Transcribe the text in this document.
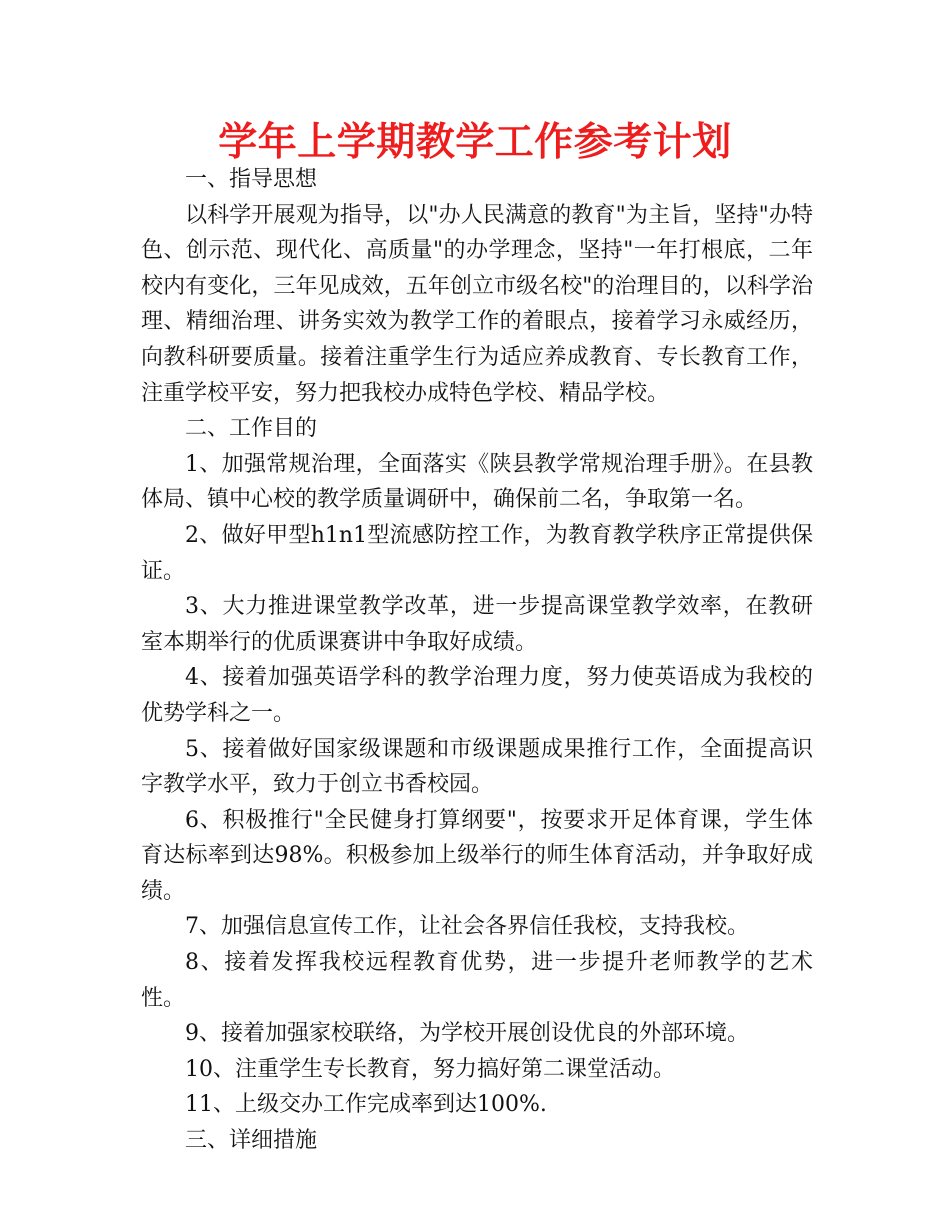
学年上学期教学工作参考计划

一、指导思想

以科学开展观为指导，以"办人民满意的教育"为主旨，坚持"办特色、创示范、现代化、高质量"的办学理念，坚持"一年打根底，二年校内有变化，三年见成效，五年创立市级名校"的治理目的，以科学治理、精细治理、讲务实效为教学工作的着眼点，接着学习永威经历，向教科研要质量。接着注重学生行为适应养成教育、专长教育工作，注重学校平安，努力把我校办成特色学校、精品学校。

二、工作目的

1、加强常规治理，全面落实《陕县教学常规治理手册》。在县教体局、镇中心校的教学质量调研中，确保前二名，争取第一名。

2、做好甲型h1n1型流感防控工作，为教育教学秩序正常提供保证。

3、大力推进课堂教学改革，进一步提高课堂教学效率，在教研室本期举行的优质课赛讲中争取好成绩。

4、接着加强英语学科的教学治理力度，努力使英语成为我校的优势学科之一。

5、接着做好国家级课题和市级课题成果推行工作，全面提高识字教学水平，致力于创立书香校园。

6、积极推行"全民健身打算纲要"，按要求开足体育课，学生体育达标率到达98%。积极参加上级举行的师生体育活动，并争取好成绩。

7、加强信息宣传工作，让社会各界信任我校，支持我校。

8、接着发挥我校远程教育优势，进一步提升老师教学的艺术性。

9、接着加强家校联络，为学校开展创设优良的外部环境。

10、注重学生专长教育，努力搞好第二课堂活动。

11、上级交办工作完成率到达100%.

三、详细措施
